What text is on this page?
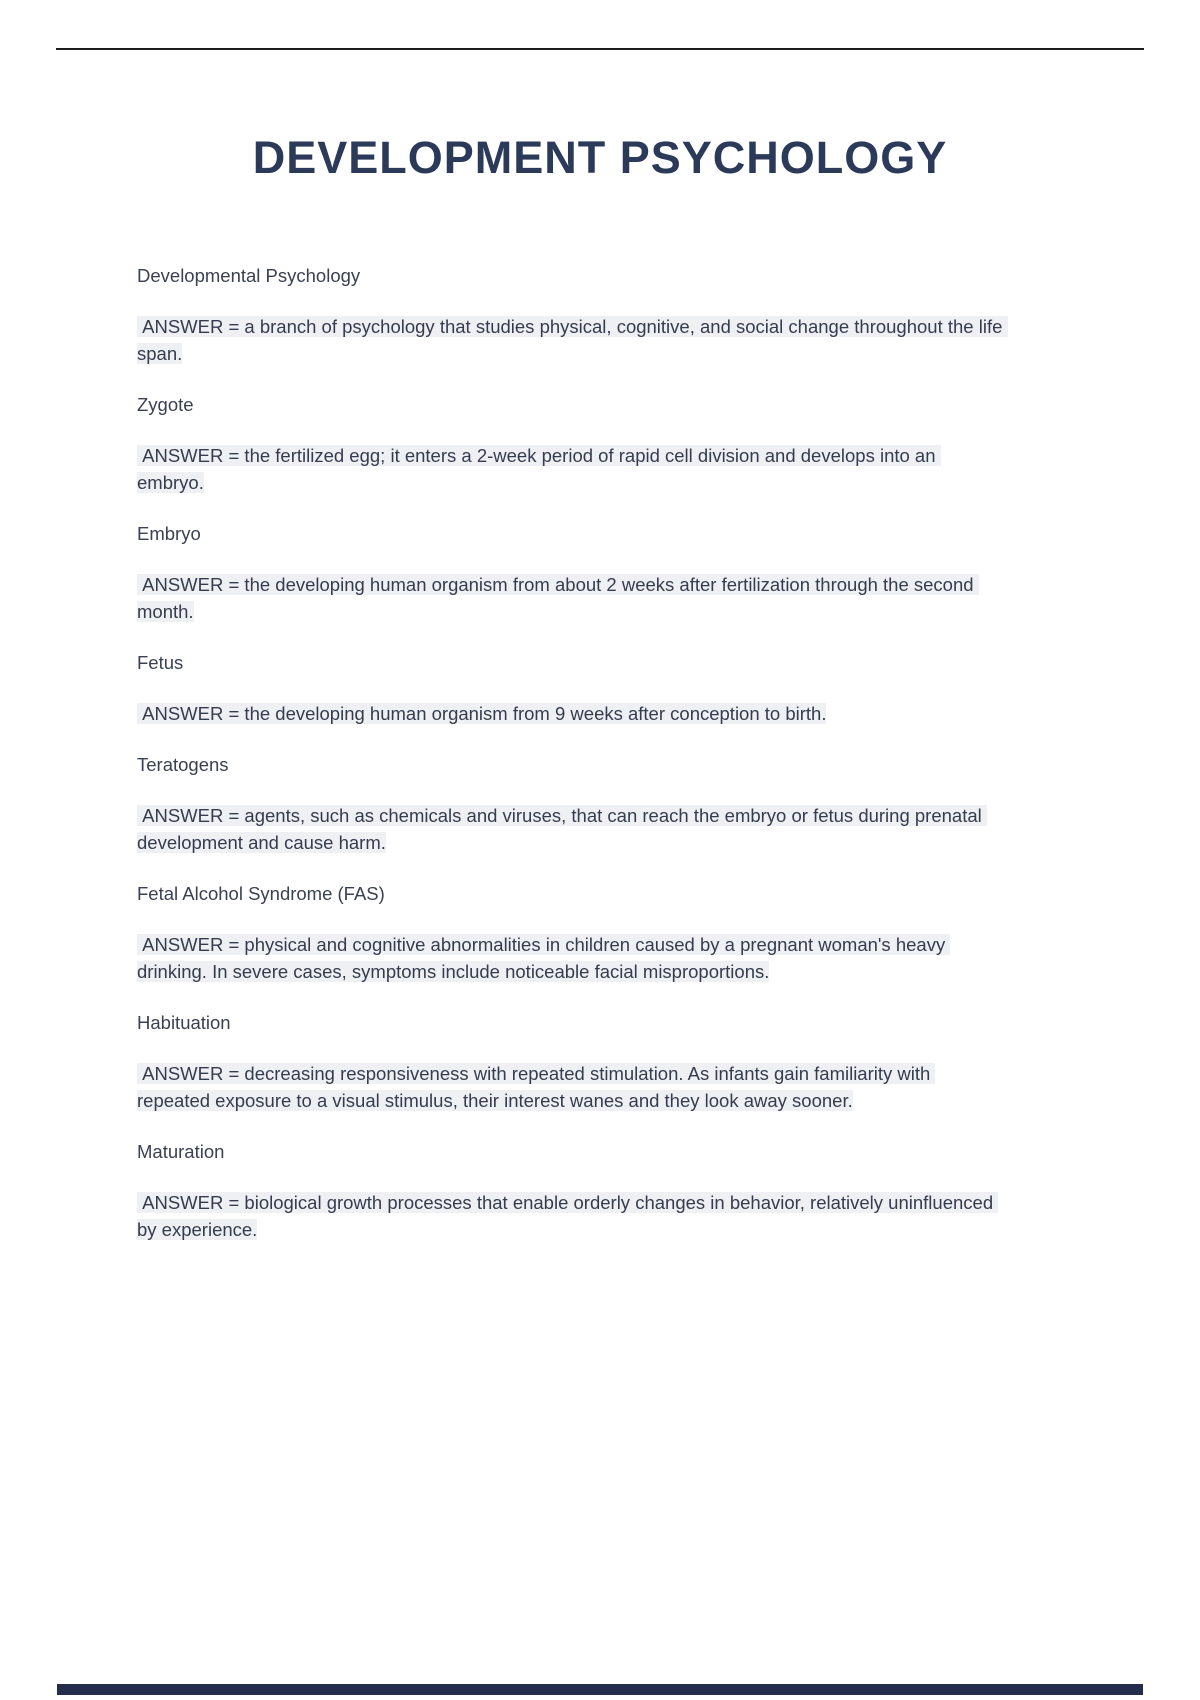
DEVELOPMENT PSYCHOLOGY

Developmental Psychology

ANSWER = a branch of psychology that studies physical, cognitive, and social change throughout the life span.

Zygote

ANSWER = the fertilized egg; it enters a 2-week period of rapid cell division and develops into an embryo.

Embryo

ANSWER = the developing human organism from about 2 weeks after fertilization through the second month.

Fetus

ANSWER = the developing human organism from 9 weeks after conception to birth.

Teratogens

ANSWER = agents, such as chemicals and viruses, that can reach the embryo or fetus during prenatal development and cause harm.

Fetal Alcohol Syndrome (FAS)

ANSWER = physical and cognitive abnormalities in children caused by a pregnant woman's heavy drinking. In severe cases, symptoms include noticeable facial misproportions.

Habituation

ANSWER = decreasing responsiveness with repeated stimulation. As infants gain familiarity with repeated exposure to a visual stimulus, their interest wanes and they look away sooner.

Maturation

ANSWER = biological growth processes that enable orderly changes in behavior, relatively uninfluenced by experience.
